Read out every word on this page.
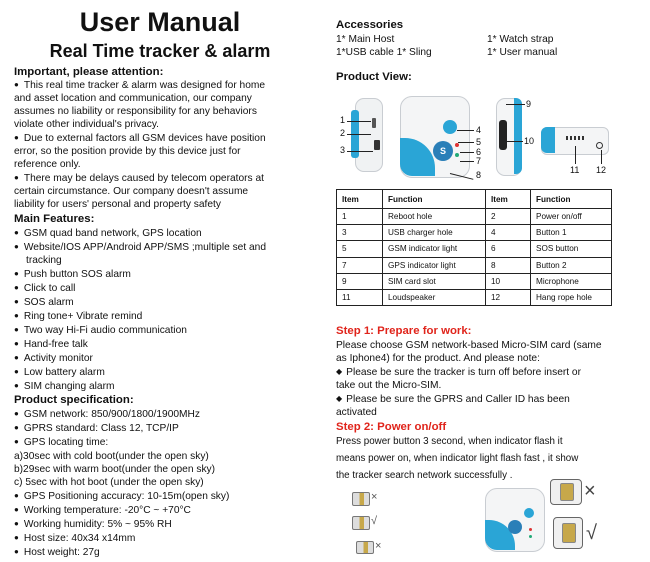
User Manual
Real Time tracker & alarm
Important, please attention:
● This real time tracker & alarm was designed for home
and asset location and communication, our company
assumes no liability or responsibility for any behaviors
violate other individual's privacy.
● Due to external factors all GSM devices have position
error, so the position provide by this device just for
reference only.
● There may be delays caused by telecom operators at
certain circumstance. Our company doesn't assume
liability for users' personal and property safety
Main Features:
● GSM quad band network, GPS location
● Website/IOS APP/Android APP/SMS ;multiple set and
tracking
● Push button SOS alarm
● Click to call
● SOS alarm
● Ring tone+ Vibrate remind
● Two way Hi-Fi audio communication
● Hand-free talk
● Activity monitor
● Low battery alarm
● SIM changing alarm
Product specification:
● GSM network: 850/900/1800/1900MHz
● GPRS standard: Class 12, TCP/IP
● GPS locating time:
a)30sec with cold boot(under the open sky)
b)29sec with warm boot(under the open sky)
c) 5sec with hot boot (under the open sky)
● GPS Positioning accuracy: 10-15m(open sky)
● Working temperature: -20°C ~ +70°C
● Working humidity: 5% ~ 95% RH
● Host size: 40x34 x14mm
● Host weight: 27g
Accessories
1* Main Host
1*USB cable 1* Sling
1* Watch strap
1* User manual
Product View:
1
2
3	S
4
5
6
7
8
9
10
11 12
Item	Function	Item	Function
1	Reboot hole	2	Power on/off
3	USB charger hole	4	Button 1
5	GSM indicator light	6	SOS button
7	GPS indicator light	8	Button 2
9	SIM card slot	10	Microphone
11	Loudspeaker	12	Hang rope hole
Step 1: Prepare for work:
Please choose GSM network-based Micro-SIM card (same
as Iphone4) for the product. And please note:
◆ Please be sure the tracker is turn off before insert or
take out the Micro-SIM.
◆ Please be sure the GPRS and Caller ID has been
activated
Step 2: Power on/off
Press power button 3 second, when indicator flash it
means power on, when indicator light flash fast , it show
the tracker search network successfully .
×
√
×
×
√
